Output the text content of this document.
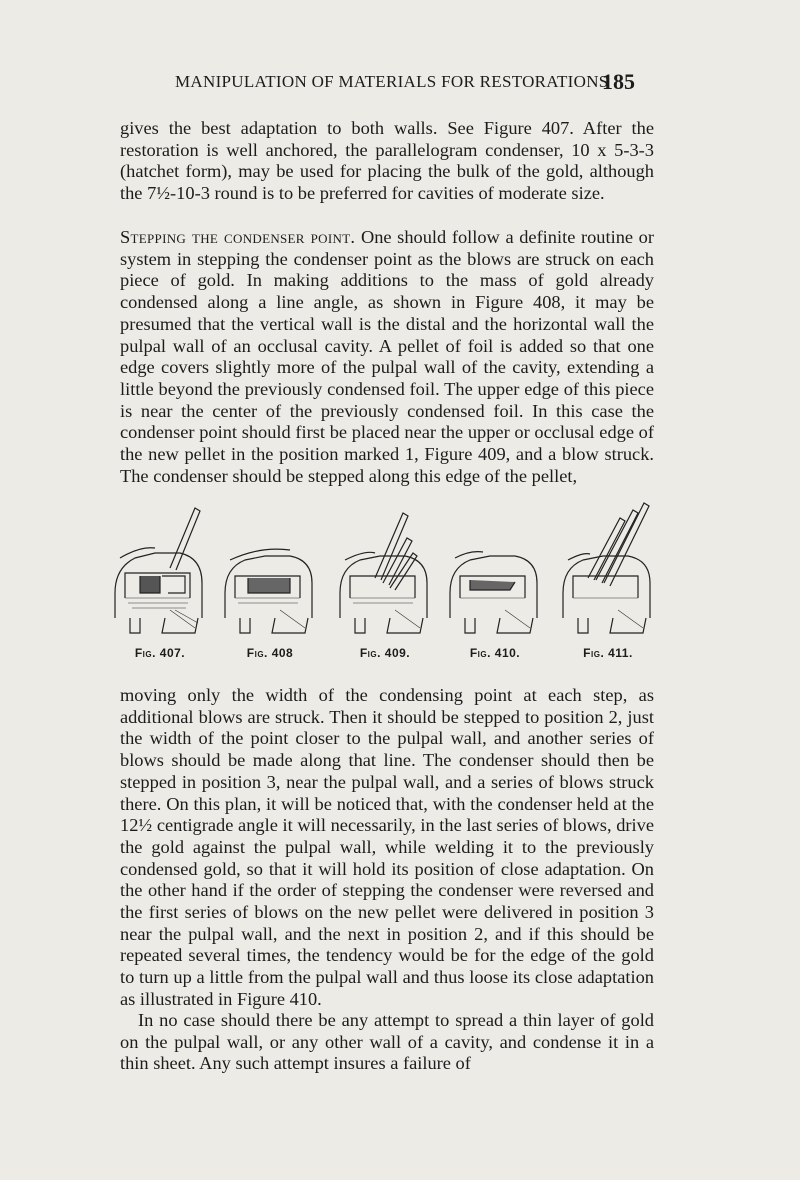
MANIPULATION OF MATERIALS FOR RESTORATIONS
185

gives the best adaptation to both walls. See Figure 407. After the restoration is well anchored, the parallelogram condenser, 10 x 5-3-3 (hatchet form), may be used for placing the bulk of the gold, although the 7½-10-3 round is to be preferred for cavities of moderate size.

Stepping the condenser point. One should follow a definite routine or system in stepping the condenser point as the blows are struck on each piece of gold. In making additions to the mass of gold already condensed along a line angle, as shown in Figure 408, it may be presumed that the vertical wall is the distal and the horizontal wall the pulpal wall of an occlusal cavity. A pellet of foil is added so that one edge covers slightly more of the pulpal wall of the cavity, extending a little beyond the previously condensed foil. The upper edge of this piece is near the center of the previously condensed foil. In this case the condenser point should first be placed near the upper or occlusal edge of the new pellet in the position marked 1, Figure 409, and a blow struck. The condenser should be stepped along this edge of the pellet,

Fig. 407.	Fig. 408	Fig. 409.	Fig. 410.	Fig. 411.

moving only the width of the condensing point at each step, as additional blows are struck. Then it should be stepped to position 2, just the width of the point closer to the pulpal wall, and another series of blows should be made along that line. The condenser should then be stepped in position 3, near the pulpal wall, and a series of blows struck there. On this plan, it will be noticed that, with the condenser held at the 12½ centigrade angle it will necessarily, in the last series of blows, drive the gold against the pulpal wall, while welding it to the previously condensed gold, so that it will hold its position of close adaptation. On the other hand if the order of stepping the condenser were reversed and the first series of blows on the new pellet were delivered in position 3 near the pulpal wall, and the next in position 2, and if this should be repeated several times, the tendency would be for the edge of the gold to turn up a little from the pulpal wall and thus loose its close adaptation as illustrated in Figure 410.

In no case should there be any attempt to spread a thin layer of gold on the pulpal wall, or any other wall of a cavity, and condense it in a thin sheet. Any such attempt insures a failure of
